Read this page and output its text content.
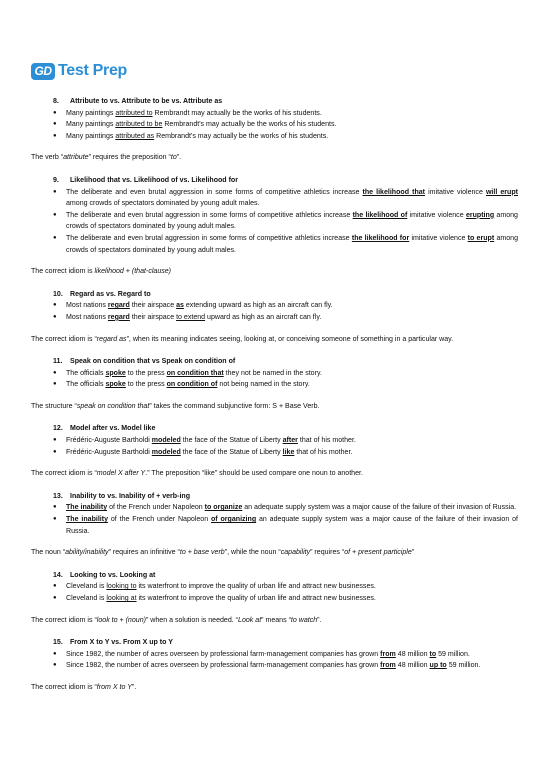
GD Test Prep
8. Attribute to vs. Attribute to be vs. Attribute as
● Many paintings attributed to Rembrandt may actually be the works of his students.
● Many paintings attributed to be Rembrandt's may actually be the works of his students.
● Many paintings attributed as Rembrandt's may actually be the works of his students.
The verb “attribute” requires the preposition “to”.
9. Likelihood that vs. Likelihood of vs. Likelihood for
● The deliberate and even brutal aggression in some forms of competitive athletics increase the likelihood that imitative violence will erupt among crowds of spectators dominated by young adult males.
● The deliberate and even brutal aggression in some forms of competitive athletics increase the likelihood of imitative violence erupting among crowds of spectators dominated by young adult males.
● The deliberate and even brutal aggression in some forms of competitive athletics increase the likelihood for imitative violence to erupt among crowds of spectators dominated by young adult males.
The correct idiom is likelihood + (that-clause)
10. Regard as vs. Regard to
● Most nations regard their airspace as extending upward as high as an aircraft can fly.
● Most nations regard their airspace to extend upward as high as an aircraft can fly.
The correct idiom is “regard as”, when its meaning indicates seeing, looking at, or conceiving someone of something in a particular way.
11. Speak on condition that vs Speak on condition of
● The officials spoke to the press on condition that they not be named in the story.
● The officials spoke to the press on condition of not being named in the story.
The structure “speak on condition that” takes the command subjunctive form: S + Base Verb.
12. Model after vs. Model like
● Frédéric-Auguste Bartholdi modeled the face of the Statue of Liberty after that of his mother.
● Frédéric-Auguste Bartholdi modeled the face of the Statue of Liberty like that of his mother.
The correct idiom is “model X after Y.” The preposition “like” should be used compare one noun to another.
13. Inability to vs. Inability of + verb-ing
● The inability of the French under Napoleon to organize an adequate supply system was a major cause of the failure of their invasion of Russia.
● The inability of the French under Napoleon of organizing an adequate supply system was a major cause of the failure of their invasion of Russia.
The noun “ability/inability” requires an infinitive “to + base verb”, while the noun “capability” requires “of + present participle”
14. Looking to vs. Looking at
● Cleveland is looking to its waterfront to improve the quality of urban life and attract new businesses.
● Cleveland is looking at its waterfront to improve the quality of urban life and attract new businesses.
The correct idiom is “look to + (noun)” when a solution is needed. “Look at” means “to watch”.
15. From X to Y vs. From X up to Y
● Since 1982, the number of acres overseen by professional farm-management companies has grown from 48 million to 59 million.
● Since 1982, the number of acres overseen by professional farm-management companies has grown from 48 million up to 59 million.
The correct idiom is “from X to Y”.
